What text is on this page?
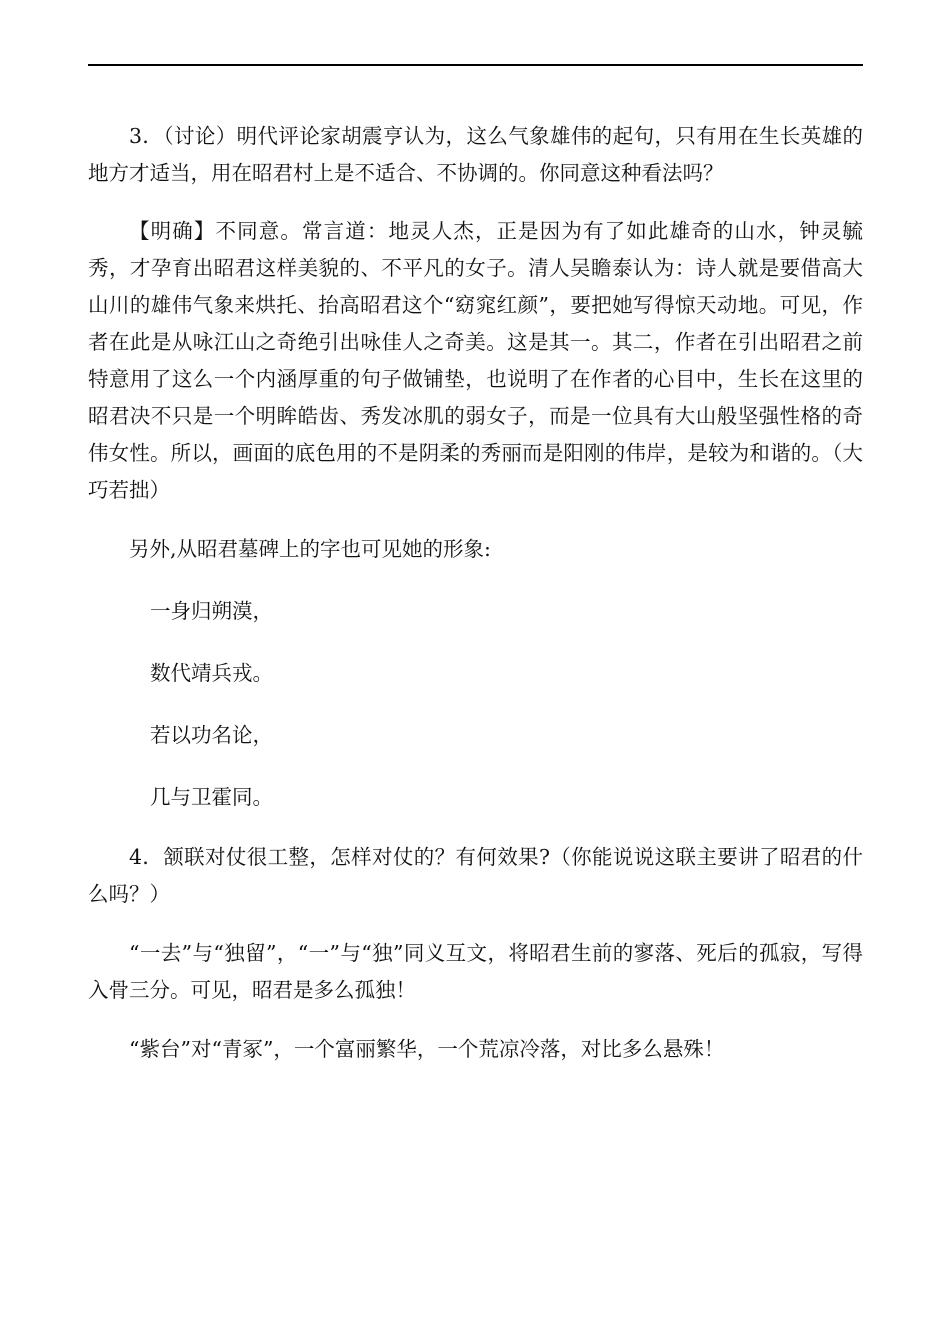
3．（讨论）明代评论家胡震亨认为，这么气象雄伟的起句，只有用在生长英雄的地方才适当，用在昭君村上是不适合、不协调的。你同意这种看法吗？

【明确】不同意。常言道：地灵人杰，正是因为有了如此雄奇的山水，钟灵毓秀，才孕育出昭君这样美貌的、不平凡的女子。清人吴瞻泰认为：诗人就是要借高大山川的雄伟气象来烘托、抬高昭君这个“窈窕红颜”，要把她写得惊天动地。可见，作者在此是从咏江山之奇绝引出咏佳人之奇美。这是其一。其二，作者在引出昭君之前特意用了这么一个内涵厚重的句子做铺垫，也说明了在作者的心目中，生长在这里的昭君决不只是一个明眸皓齿、秀发冰肌的弱女子，而是一位具有大山般坚强性格的奇伟女性。所以，画面的底色用的不是阴柔的秀丽而是阳刚的伟岸，是较为和谐的。（大巧若拙）

另外,从昭君墓碑上的字也可见她的形象:

一身归朔漠，
数代靖兵戎。
若以功名论，
几与卫霍同。

4．颔联对仗很工整，怎样对仗的？有何效果?（你能说说这联主要讲了昭君的什么吗？）

“一去”与“独留”，“一”与“独”同义互文，将昭君生前的寥落、死后的孤寂，写得入骨三分。可见，昭君是多么孤独！

“紫台”对“青冢”，一个富丽繁华，一个荒凉冷落，对比多么悬殊！
